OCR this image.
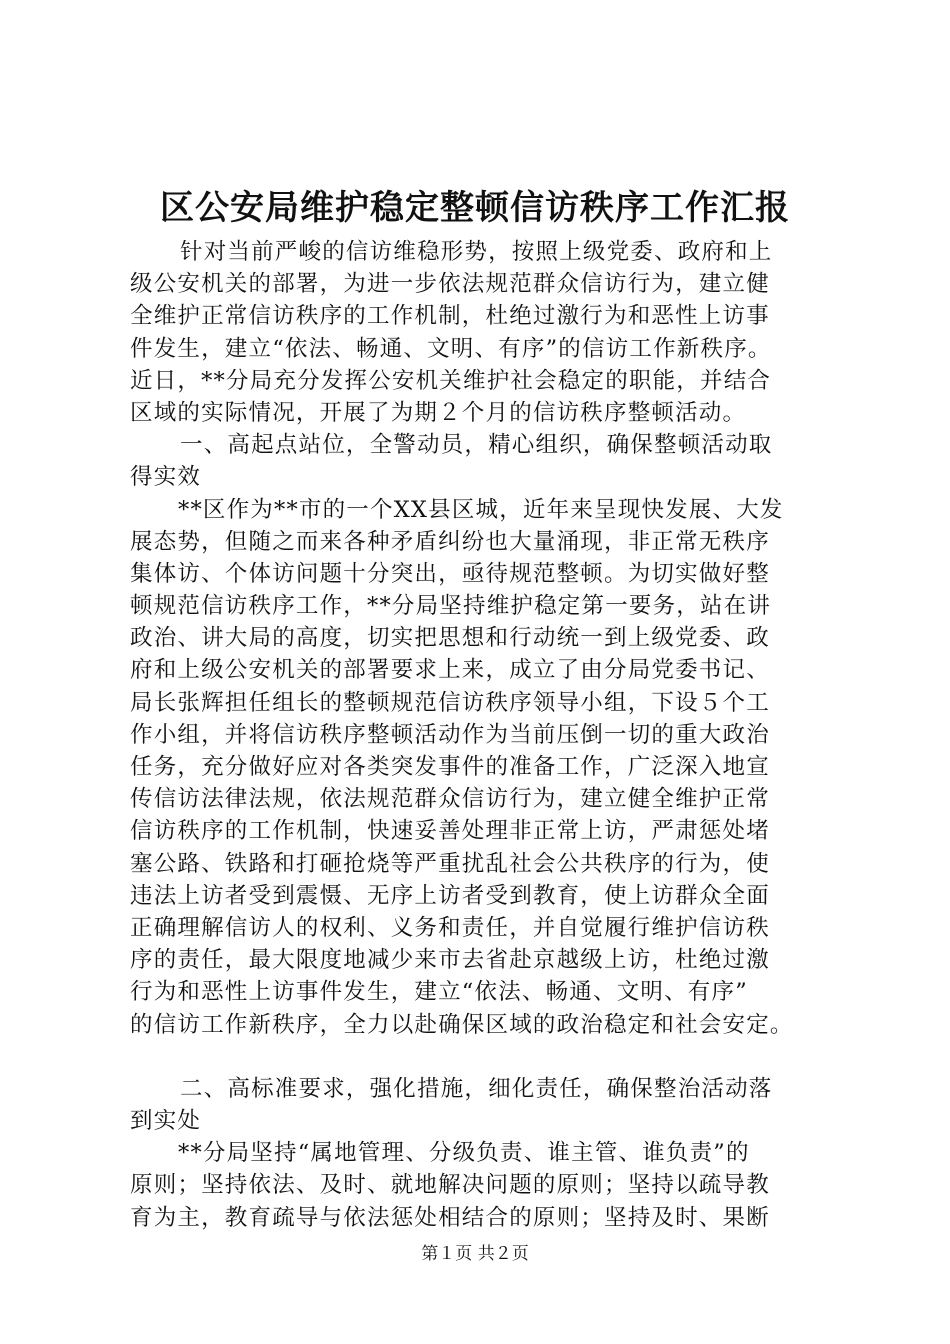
区公安局维护稳定整顿信访秩序工作汇报
针对当前严峻的信访维稳形势，按照上级党委、政府和上
级公安机关的部署，为进一步依法规范群众信访行为，建立健
全维护正常信访秩序的工作机制，杜绝过激行为和恶性上访事
件发生，建立“依法、畅通、文明、有序”的信访工作新秩序。
近日，**分局充分发挥公安机关维护社会稳定的职能，并结合
区域的实际情况，开展了为期２个月的信访秩序整顿活动。
一、高起点站位，全警动员，精心组织，确保整顿活动取
得实效
**区作为**市的一个XX县区城，近年来呈现快发展、大发
展态势，但随之而来各种矛盾纠纷也大量涌现，非正常无秩序
集体访、个体访问题十分突出，亟待规范整顿。为切实做好整
顿规范信访秩序工作，**分局坚持维护稳定第一要务，站在讲
政治、讲大局的高度，切实把思想和行动统一到上级党委、政
府和上级公安机关的部署要求上来，成立了由分局党委书记、
局长张辉担任组长的整顿规范信访秩序领导小组，下设５个工
作小组，并将信访秩序整顿活动作为当前压倒一切的重大政治
任务，充分做好应对各类突发事件的准备工作，广泛深入地宣
传信访法律法规，依法规范群众信访行为，建立健全维护正常
信访秩序的工作机制，快速妥善处理非正常上访，严肃惩处堵
塞公路、铁路和打砸抢烧等严重扰乱社会公共秩序的行为，使
违法上访者受到震慑、无序上访者受到教育，使上访群众全面
正确理解信访人的权利、义务和责任，并自觉履行维护信访秩
序的责任，最大限度地减少来市去省赴京越级上访，杜绝过激
行为和恶性上访事件发生，建立“依法、畅通、文明、有序”
的信访工作新秩序，全力以赴确保区域的政治稳定和社会安定。
二、高标准要求，强化措施，细化责任，确保整治活动落
到实处
**分局坚持“属地管理、分级负责、谁主管、谁负责”的
原则；坚持依法、及时、就地解决问题的原则；坚持以疏导教
育为主，教育疏导与依法惩处相结合的原则；坚持及时、果断
第１页 共２页
